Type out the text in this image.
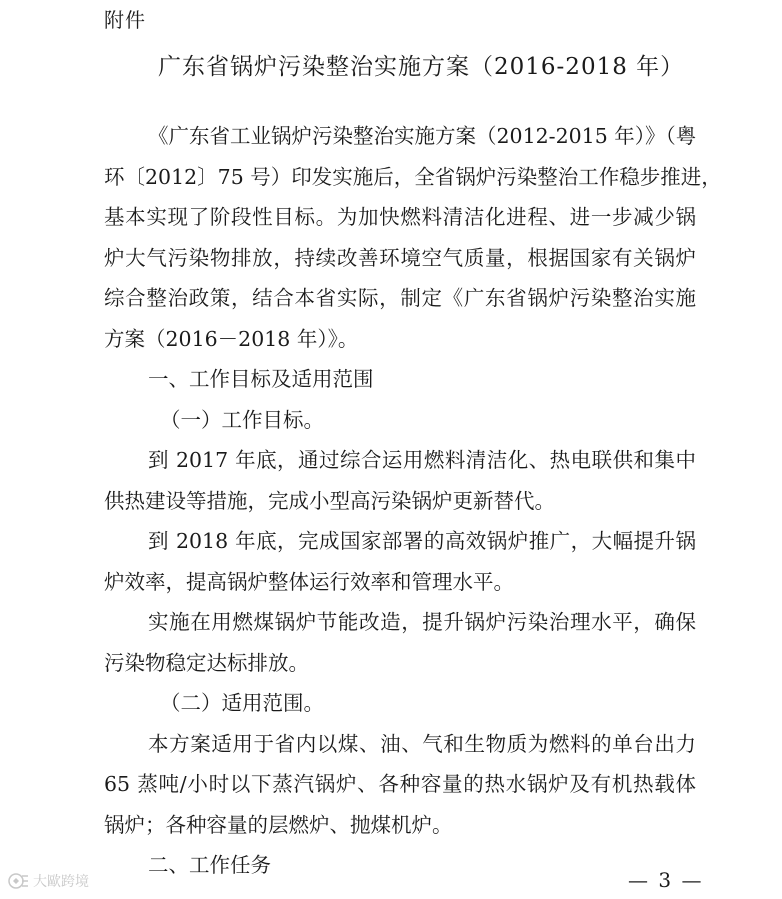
附件
广东省锅炉污染整治实施方案（2016-2018 年）
《广东省工业锅炉污染整治实施方案（2012-2015 年）》（粤
环〔2012〕75 号）印发实施后，全省锅炉污染整治工作稳步推进，
基本实现了阶段性目标。为加快燃料清洁化进程、进一步减少锅
炉大气污染物排放，持续改善环境空气质量，根据国家有关锅炉
综合整治政策，结合本省实际，制定《广东省锅炉污染整治实施
方案（2016－2018 年）》。
一、工作目标及适用范围
（一）工作目标。
到 2017 年底，通过综合运用燃料清洁化、热电联供和集中
供热建设等措施，完成小型高污染锅炉更新替代。
到 2018 年底，完成国家部署的高效锅炉推广，大幅提升锅
炉效率，提高锅炉整体运行效率和管理水平。
实施在用燃煤锅炉节能改造，提升锅炉污染治理水平，确保
污染物稳定达标排放。
（二）适用范围。
本方案适用于省内以煤、油、气和生物质为燃料的单台出力
65 蒸吨/小时以下蒸汽锅炉、各种容量的热水锅炉及有机热载体
锅炉；各种容量的层燃炉、抛煤机炉。
二、工作任务
— 3 —
大歐跨境
